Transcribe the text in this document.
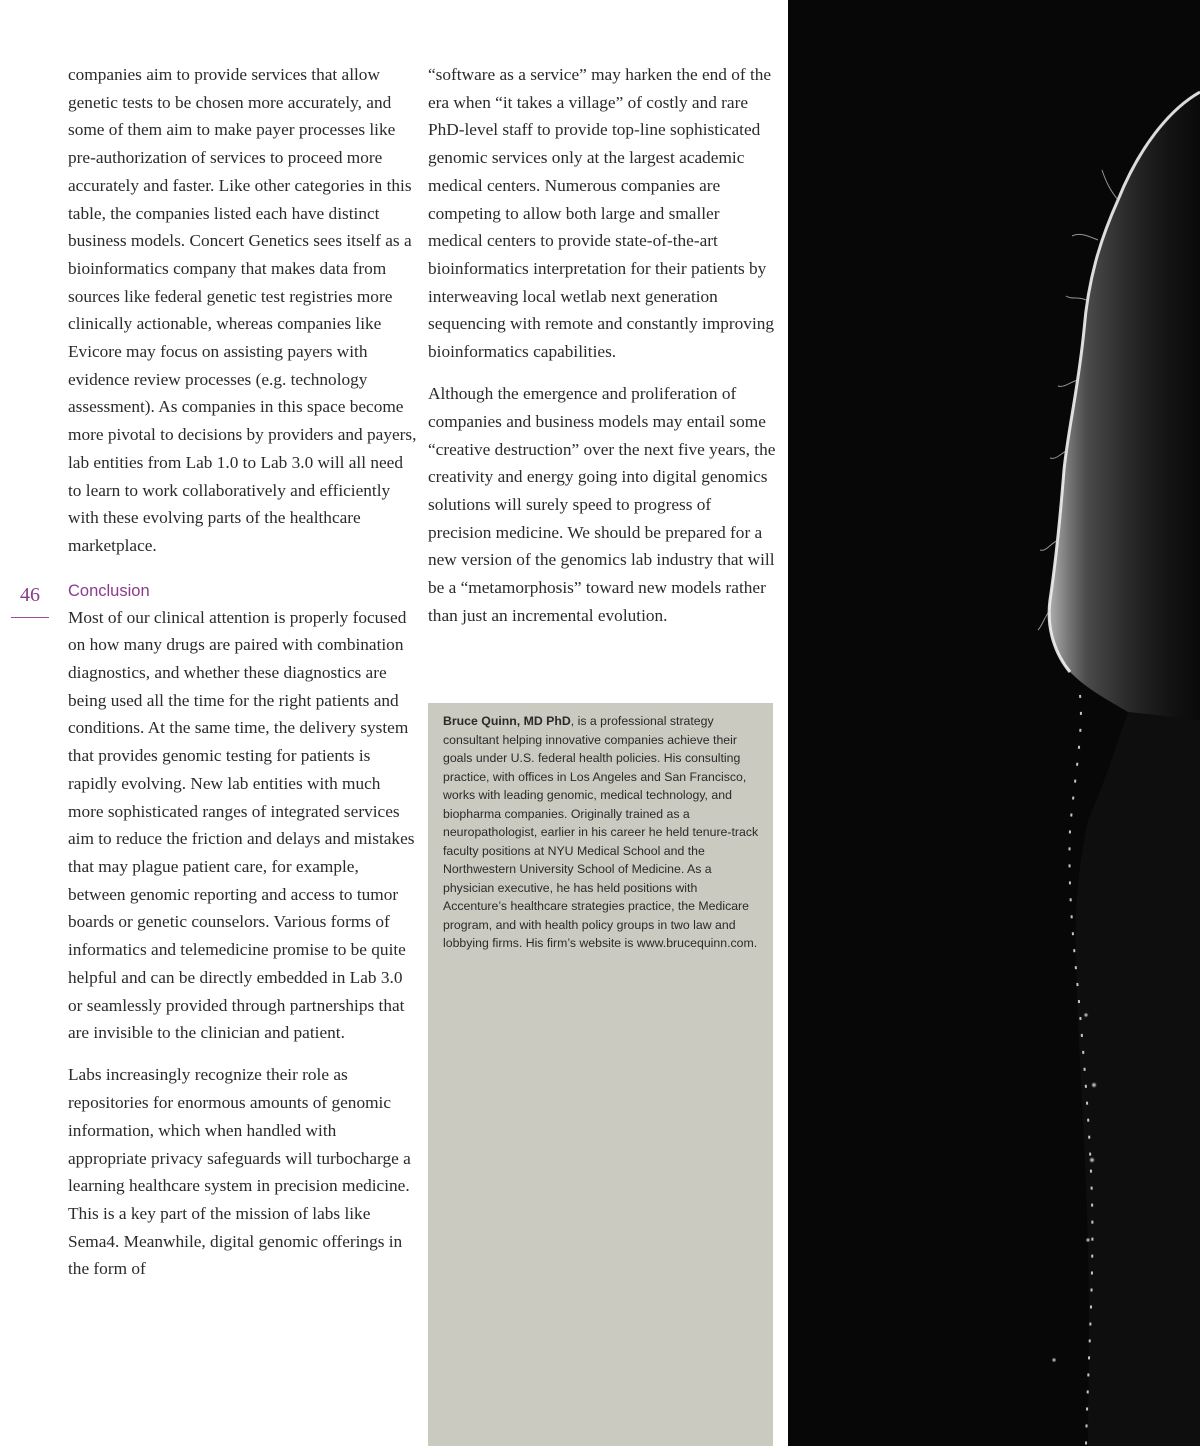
46

companies aim to provide services that allow genetic tests to be chosen more accurately, and some of them aim to make payer processes like pre-authorization of services to proceed more accurately and faster. Like other categories in this table, the companies listed each have distinct business models. Concert Genetics sees itself as a bioinformatics company that makes data from sources like federal genetic test registries more clinically actionable, whereas companies like Evicore may focus on assisting payers with evidence review processes (e.g. technology assessment). As companies in this space become more pivotal to decisions by providers and payers, lab entities from Lab 1.0 to Lab 3.0 will all need to learn to work collaboratively and efficiently with these evolving parts of the healthcare marketplace.

Conclusion

Most of our clinical attention is properly focused on how many drugs are paired with combination diagnostics, and whether these diagnostics are being used all the time for the right patients and conditions. At the same time, the delivery system that provides genomic testing for patients is rapidly evolving. New lab entities with much more sophisticated ranges of integrated services aim to reduce the friction and delays and mistakes that may plague patient care, for example, between genomic reporting and access to tumor boards or genetic counselors. Various forms of informatics and telemedicine promise to be quite helpful and can be directly embedded in Lab 3.0 or seamlessly provided through partnerships that are invisible to the clinician and patient.

Labs increasingly recognize their role as repositories for enormous amounts of genomic information, which when handled with appropriate privacy safeguards will turbocharge a learning healthcare system in precision medicine. This is a key part of the mission of labs like Sema4. Meanwhile, digital genomic offerings in the form of

“software as a service” may harken the end of the era when “it takes a village” of costly and rare PhD-level staff to provide top-line sophisticated genomic services only at the largest academic medical centers. Numerous companies are competing to allow both large and smaller medical centers to provide state-of-the-art bioinformatics interpretation for their patients by interweaving local wetlab next generation sequencing with remote and constantly improving bioinformatics capabilities.

Although the emergence and proliferation of companies and business models may entail some “creative destruction” over the next five years, the creativity and energy going into digital genomics solutions will surely speed to progress of precision medicine. We should be prepared for a new version of the genomics lab industry that will be a “metamorphosis” toward new models rather than just an incremental evolution.

Bruce Quinn, MD PhD, is a professional strategy consultant helping innovative companies achieve their goals under U.S. federal health policies. His consulting practice, with offices in Los Angeles and San Francisco, works with leading genomic, medical technology, and biopharma companies. Originally trained as a neuropathologist, earlier in his career he held tenure-track faculty positions at NYU Medical School and the Northwestern University School of Medicine. As a physician executive, he has held positions with Accenture’s healthcare strategies practice, the Medicare program, and with health policy groups in two law and lobbying firms. His firm’s website is www.brucequinn.com.
